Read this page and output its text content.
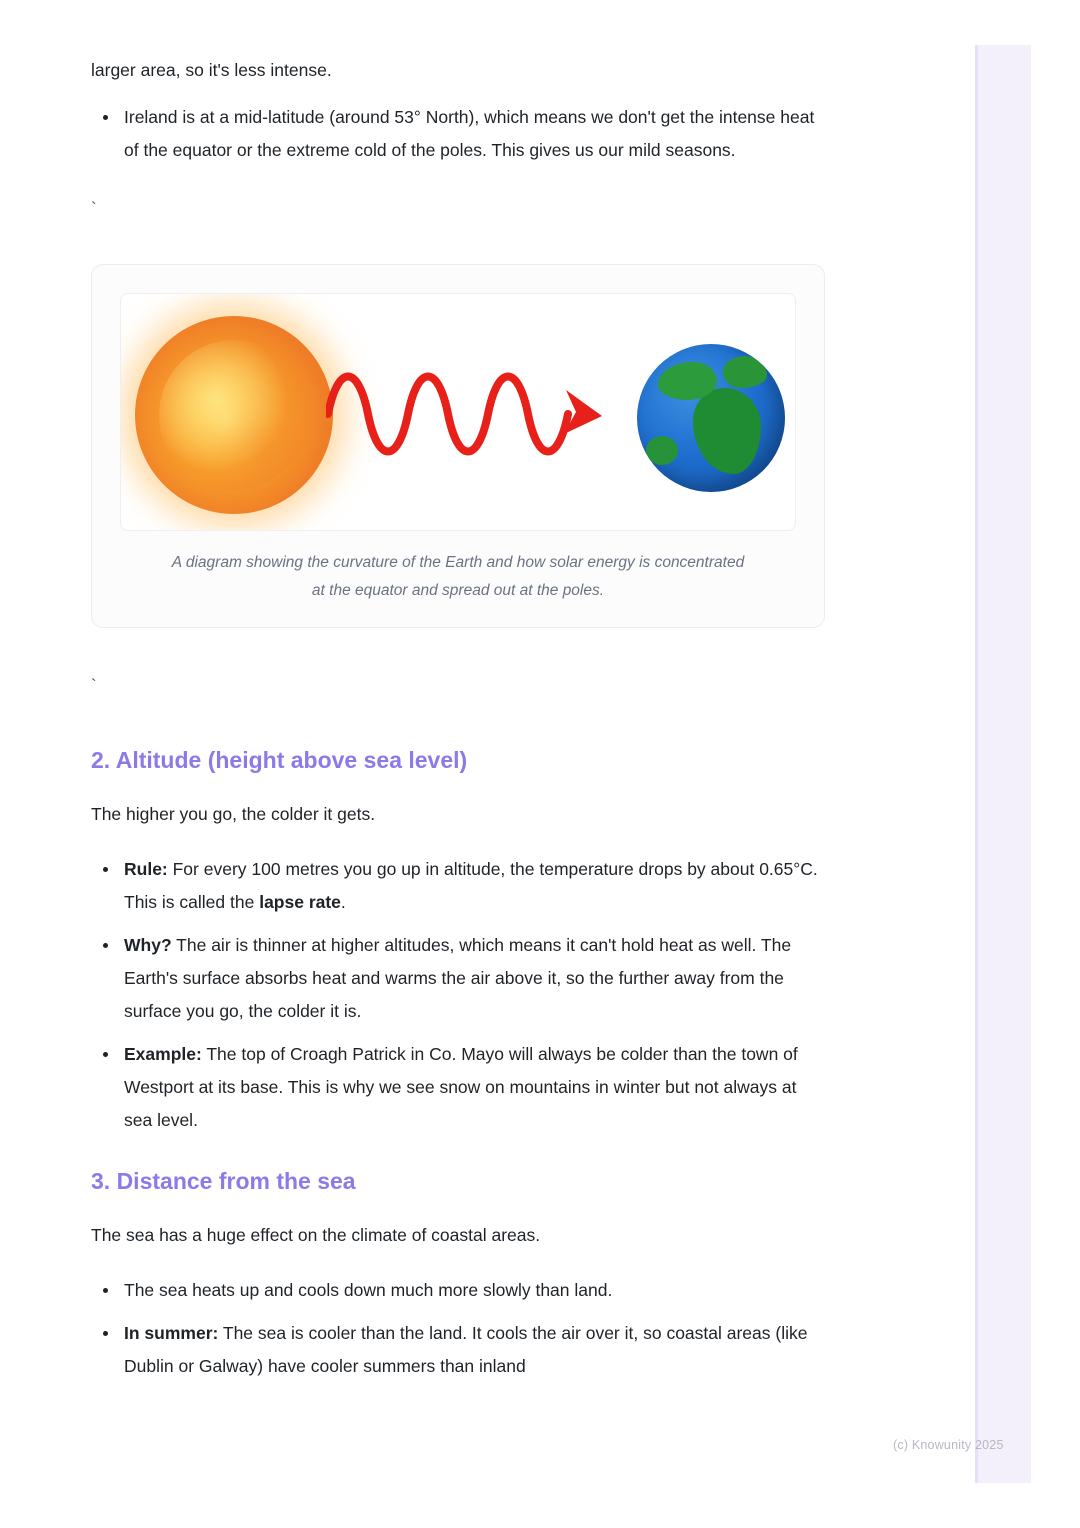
larger area, so it's less intense.

Ireland is at a mid-latitude (around 53° North), which means we don't get the intense heat of the equator or the extreme cold of the poles. This gives us our mild seasons.

`

A diagram showing the curvature of the Earth and how solar energy is concentrated at the equator and spread out at the poles.

`

2. Altitude (height above sea level)

The higher you go, the colder it gets.

Rule: For every 100 metres you go up in altitude, the temperature drops by about 0.65°C. This is called the lapse rate.
Why? The air is thinner at higher altitudes, which means it can't hold heat as well. The Earth's surface absorbs heat and warms the air above it, so the further away from the surface you go, the colder it is.
Example: The top of Croagh Patrick in Co. Mayo will always be colder than the town of Westport at its base. This is why we see snow on mountains in winter but not always at sea level.
3. Distance from the sea

The sea has a huge effect on the climate of coastal areas.

The sea heats up and cools down much more slowly than land.
In summer: The sea is cooler than the land. It cools the air over it, so coastal areas (like Dublin or Galway) have cooler summers than inland
(c) Knowunity 2025
